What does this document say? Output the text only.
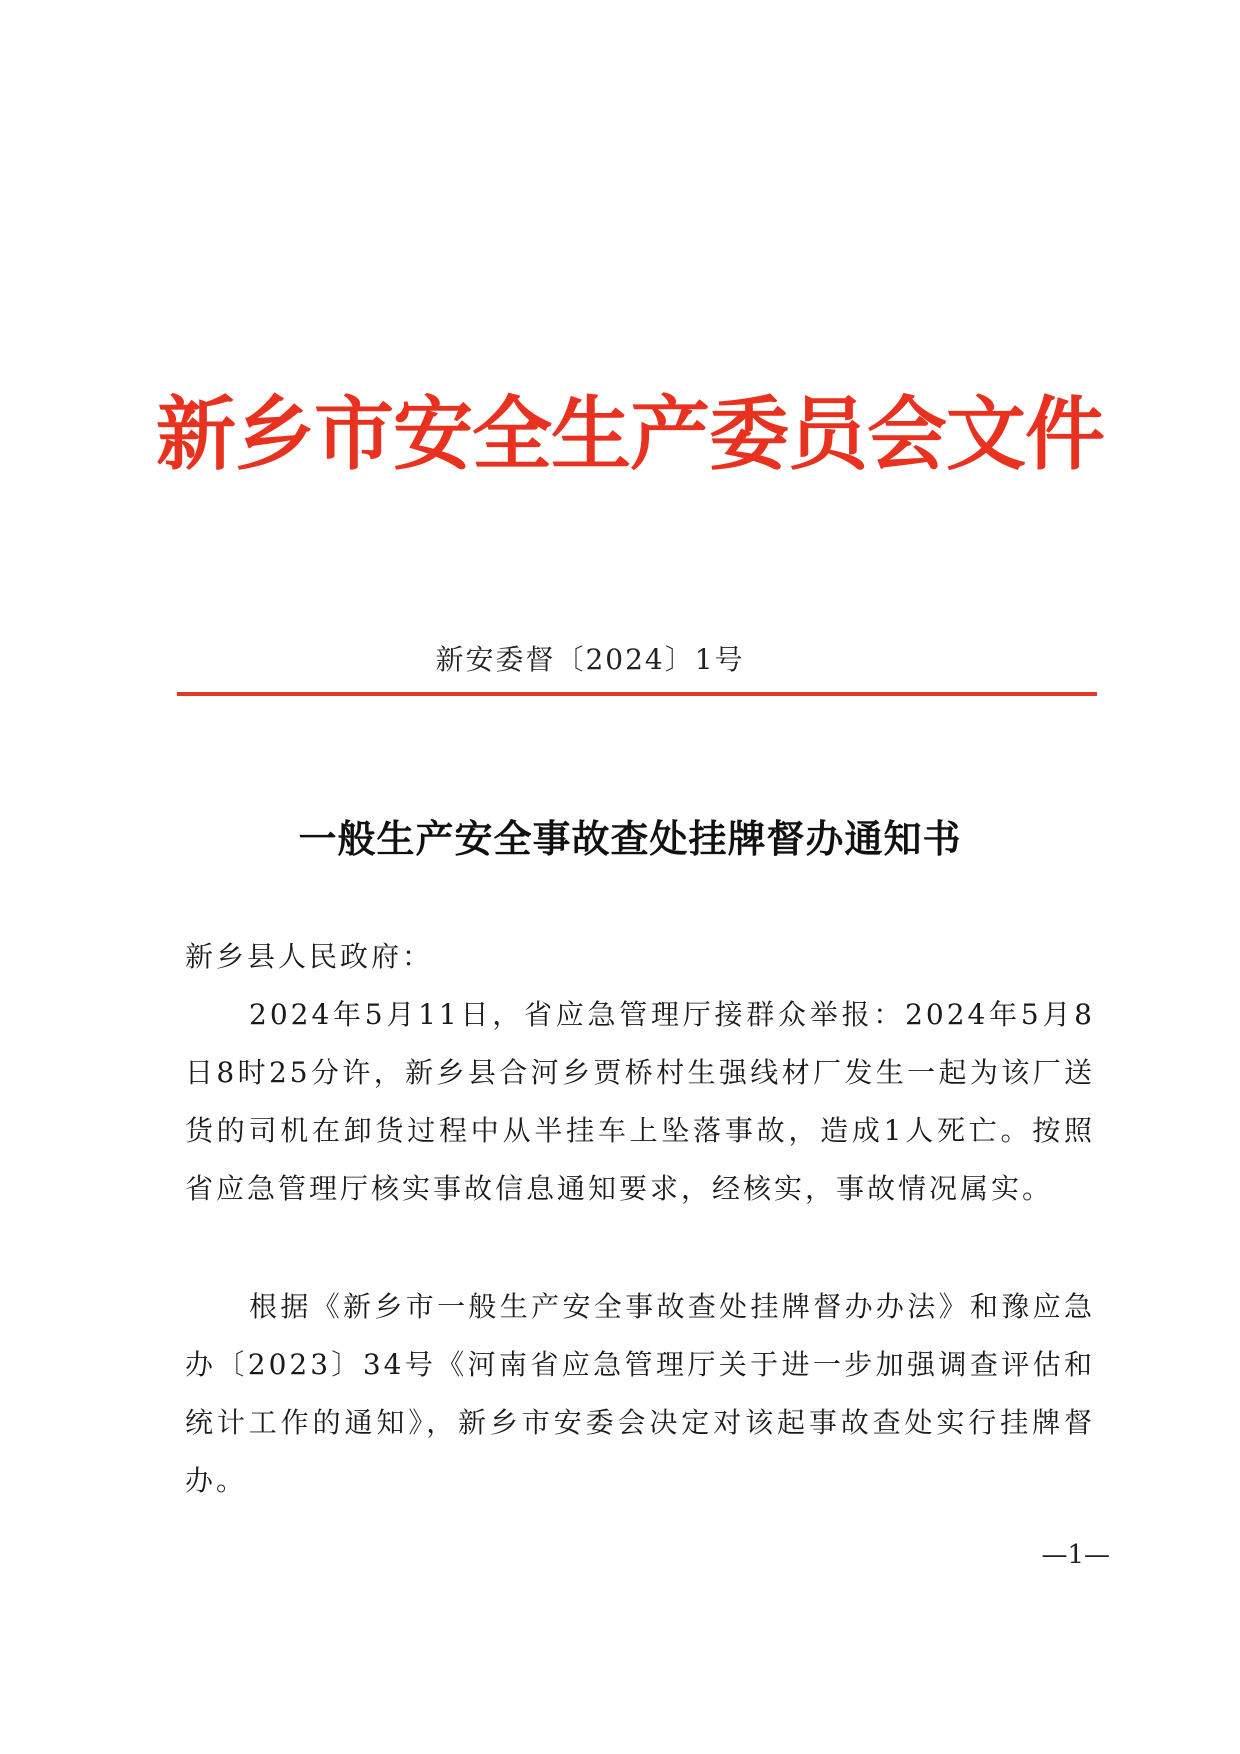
新乡市安全生产委员会文件
新安委督〔2024〕1号
一般生产安全事故查处挂牌督办通知书
新乡县人民政府：
2024年5月11日，省应急管理厅接群众举报：2024年5月8日8时25分许，新乡县合河乡贾桥村生强线材厂发生一起为该厂送货的司机在卸货过程中从半挂车上坠落事故，造成1人死亡。按照省应急管理厅核实事故信息通知要求，经核实，事故情况属实。
根据《新乡市一般生产安全事故查处挂牌督办办法》和豫应急办〔2023〕34号《河南省应急管理厅关于进一步加强调查评估和统计工作的通知》，新乡市安委会决定对该起事故查处实行挂牌督办。
—1—
